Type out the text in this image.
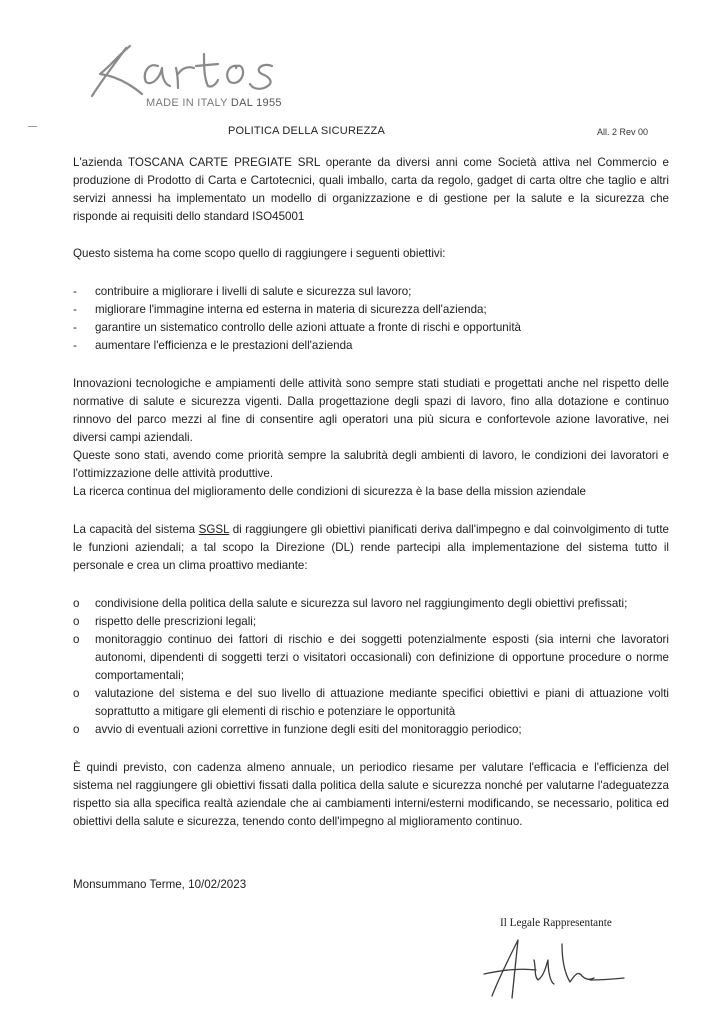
MADE IN ITALY DAL 1955
POLITICA DELLA SICUREZZA	All. 2 Rev 00

L'azienda TOSCANA CARTE PREGIATE SRL operante da diversi anni come Società attiva nel Commercio e produzione di Prodotto di Carta e Cartotecnici, quali imballo, carta da regolo, gadget di carta oltre che taglio e altri servizi annessi ha implementato un modello di organizzazione e di gestione per la salute e la sicurezza che risponde ai requisiti dello standard ISO45001

Questo sistema ha come scopo quello di raggiungere i seguenti obiettivi:

-	contribuire a migliorare i livelli di salute e sicurezza sul lavoro;
-	migliorare l'immagine interna ed esterna in materia di sicurezza dell'azienda;
-	garantire un sistematico controllo delle azioni attuate a fronte di rischi e opportunità
-	aumentare l'efficienza e le prestazioni dell'azienda

Innovazioni tecnologiche e ampiamenti delle attività sono sempre stati studiati e progettati anche nel rispetto delle normative di salute e sicurezza vigenti. Dalla progettazione degli spazi di lavoro, fino alla dotazione e continuo rinnovo del parco mezzi al fine di consentire agli operatori una più sicura e confortevole azione lavorative, nei diversi campi aziendali.

Queste sono stati, avendo come priorità sempre la salubrità degli ambienti di lavoro, le condizioni dei lavoratori e l'ottimizzazione delle attività produttive.

La ricerca continua del miglioramento delle condizioni di sicurezza è la base della mission aziendale

La capacità del sistema SGSL di raggiungere gli obiettivi pianificati deriva dall'impegno e dal coinvolgimento di tutte le funzioni aziendali; a tal scopo la Direzione (DL) rende partecipi alla implementazione del sistema tutto il personale e crea un clima proattivo mediante:

o	condivisione della politica della salute e sicurezza sul lavoro nel raggiungimento degli obiettivi prefissati;
o	rispetto delle prescrizioni legali;
o	monitoraggio continuo dei fattori di rischio e dei soggetti potenzialmente esposti (sia interni che lavoratori autonomi, dipendenti di soggetti terzi o visitatori occasionali) con definizione di opportune procedure o norme comportamentali;
o	valutazione del sistema e del suo livello di attuazione mediante specifici obiettivi e piani di attuazione volti soprattutto a mitigare gli elementi di rischio e potenziare le opportunità
o	avvio di eventuali azioni correttive in funzione degli esiti del monitoraggio periodico;

È quindi previsto, con cadenza almeno annuale, un periodico riesame per valutare l'efficacia e l'efficienza del sistema nel raggiungere gli obiettivi fissati dalla politica della salute e sicurezza nonché per valutarne l'adeguatezza rispetto sia alla specifica realtà aziendale che ai cambiamenti interni/esterni modificando, se necessario, politica ed obiettivi della salute e sicurezza, tenendo conto dell'impegno al miglioramento continuo.

Monsummano Terme, 10/02/2023
Il Legale Rappresentante
